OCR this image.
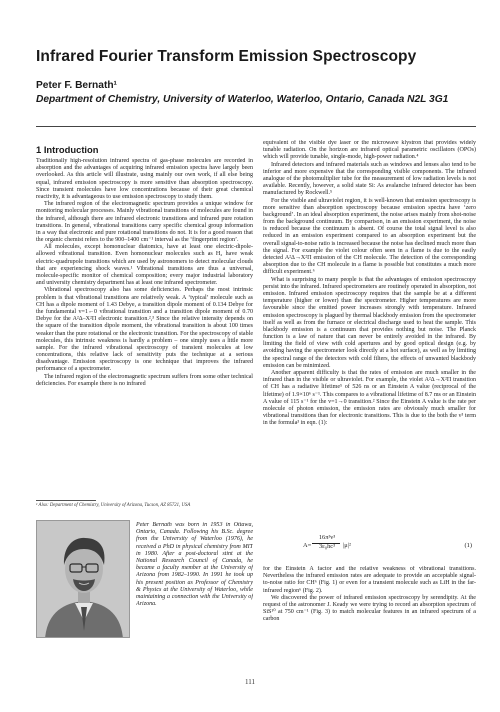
Infrared Fourier Transform Emission Spectroscopy
Peter F. Bernath¹
Department of Chemistry, University of Waterloo, Waterloo, Ontario, Canada N2L 3G1
1 Introduction

Traditionally high-resolution infrared spectra of gas-phase molecules are recorded in absorption and the advantages of acquiring infrared emission spectra have largely been overlooked. As this article will illustrate, using mainly our own work, if all else being equal, infrared emission spectroscopy is more sensitive than absorption spectroscopy. Since transient molecules have low concentrations because of their great chemical reactivity, it is advantageous to use emission spectroscopy to study them.

The infrared region of the electromagnetic spectrum provides a unique window for monitoring molecular processes. Mainly vibrational transitions of molecules are found in the infrared, although there are infrared electronic transitions and infrared pure rotation transitions. In general, vibrational transitions carry specific chemical group information in a way that electronic and pure rotational transitions do not. It is for a good reason that the organic chemist refers to the 900–1400 cm⁻¹ interval as the ‘fingerprint region’.

All molecules, except homonuclear diatomics, have at least one electric-dipole-allowed vibrational transition. Even homonuclear molecules such as H₂ have weak electric-quadrupole transitions which are used by astronomers to detect molecular clouds that are experiencing shock waves.¹ Vibrational transitions are thus a universal, molecule-specific monitor of chemical composition; every major industrial laboratory and university chemistry department has at least one infrared spectrometer.

Vibrational spectroscopy also has some deficiencies. Perhaps the most intrinsic problem is that vibrational transitions are relatively weak. A ‘typical’ molecule such as CH has a dipole moment of 1.43 Debye, a transition dipole moment of 0.134 Debye for the fundamental v=1←0 vibrational transition and a transition dipole moment of 0.70 Debye for the A²Δ–X²Π electronic transition.²,³ Since the relative intensity depends on the square of the transition dipole moment, the vibrational transition is about 100 times weaker than the pure rotational or the electronic transition. For the spectroscopy of stable molecules, this intrinsic weakness is hardly a problem – one simply uses a little more sample. For the infrared vibrational spectroscopy of transient molecules at low concentrations, this relative lack of sensitivity puts the technique at a serious disadvantage. Emission spectroscopy is one technique that improves the infrared performance of a spectrometer.

The infrared region of the electromagnetic spectrum suffers from some other technical deficiencies. For example there is no infrared

¹ Also: Department of Chemistry, University of Arizona, Tucson, AZ 85721, USA
Peter Bernath was born in 1953 in Ottawa, Ontario, Canada. Following his B.Sc. degree from the University of Waterloo (1976), he received a PhD in physical chemistry from MIT in 1980. After a post-doctoral stint at the National Research Council of Canada, he became a faculty member at the University of Arizona from 1982–1990. In 1991 he took up his present position as Professor of Chemistry & Physics at the University of Waterloo, while maintaining a connection with the University of Arizona.

equivalent of the visible dye laser or the microwave klystron that provides widely tunable radiation. On the horizon are infrared optical parametric oscillators (OPOs) which will provide tunable, single-mode, high-power radiation.⁴

Infrared detectors and infrared materials such as windows and lenses also tend to be inferior and more expensive that the corresponding visible components. The infrared analogue of the photomultiplier tube for the measurement of low radiation levels is not available. Recently, however, a solid state Si: As avalanche infrared detector has been manufactured by Rockwell.⁵

For the visible and ultraviolet region, it is well-known that emission spectroscopy is more sensitive than absorption spectroscopy because emission spectra have ‘zero background’. In an ideal absorption experiment, the noise arises mainly from shot-noise from the background continuum. By comparison, in an emission experiment, the noise is reduced because the continuum is absent. Of course the total signal level is also reduced in an emission experiment compared to an absorption experiment but the overall signal-to-noise ratio is increased because the noise has declined much more than the signal. For example the violet colour often seen in a flame is due to the easily detected A²Δ→X²Π emission of the CH molecule. The detection of the corresponding absorption due to the CH molecule in a flame is possible but constitutes a much more difficult experiment.⁶

What is surprising to many people is that the advantages of emission spectroscopy persist into the infrared. Infrared spectrometers are routinely operated in absorption, not emission. Infrared emission spectroscopy requires that the sample be at a different temperature (higher or lower) than the spectrometer. Higher temperatures are more favourable since the emitted power increases strongly with temperature. Infrared emission spectroscopy is plagued by thermal blackbody emission from the spectrometer itself as well as from the furnace or electrical discharge used to heat the sample. This blackbody emission is a continuum that provides nothing but noise. The Planck function is a law of nature that can never be entirely avoided in the infrared. By limiting the field of view with cold apertures and by good optical design (e.g. by avoiding having the spectrometer look directly at a hot surface), as well as by limiting the spectral range of the detectors with cold filters, the effects of unwanted blackbody emission can be minimized.

Another apparent difficulty is that the rates of emission are much smaller in the infrared than in the visible or ultraviolet. For example, the violet A²Δ→X²Π transition of CH has a radiative lifetime⁵ of 526 ns or an Einstein A value (reciprocal of the lifetime) of 1.9×10⁶ s⁻¹. This compares to a vibrational lifetime of 8.7 ms or an Einstein A value of 115 s⁻¹ for the v=1→0 transition.² Since the Einstein A value is the rate per molecule of photon emission, the emission rates are obviously much smaller for vibrational transitions than for electronic transitions. This is due to the both the ν³ term in the formula³ in eqn. (1):

A=
16π³ν³
3ε₀hc³	|μ|²	(1)

for the Einstein A factor and the relative weakness of vibrational transitions. Nevertheless the infrared emission rates are adequate to provide an acceptable signal-to-noise ratio for CH⁶ (Fig. 1) or even for a transient molecule such as LiH in the far-infrared region⁶ (Fig. 2).

We discovered the power of infrared emission spectroscopy by serendipity. At the request of the astronomer J. Keady we were trying to record an absorption spectrum of SiS¹⁰ at 750 cm⁻¹ (Fig. 3) to match molecular features in an infrared spectrum of a carbon

111
